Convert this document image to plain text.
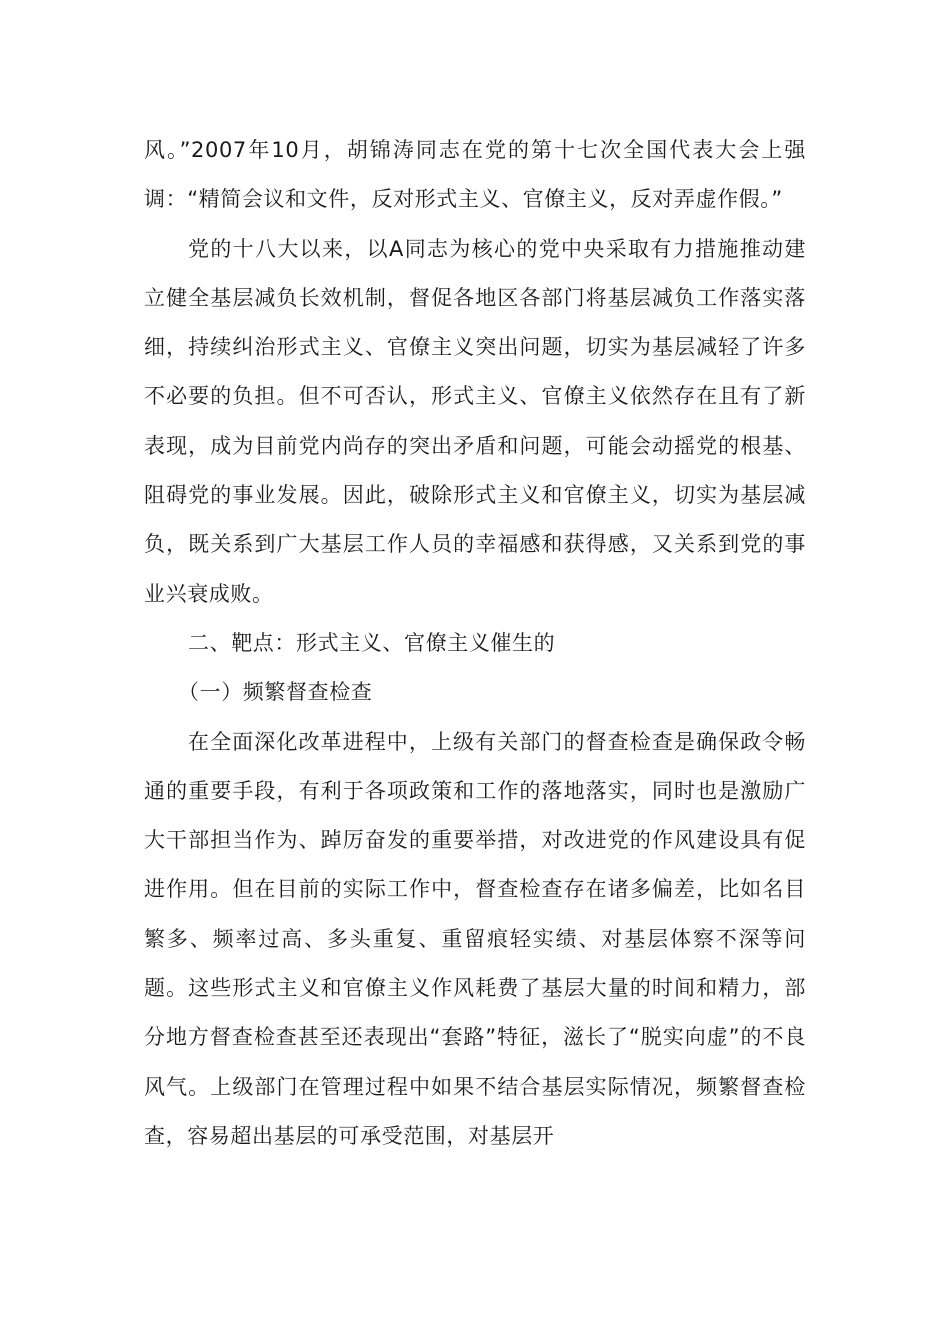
风。”2007年10月，胡锦涛同志在党的第十七次全国代表大会上强调：“精简会议和文件，反对形式主义、官僚主义，反对弄虚作假。”

党的十八大以来，以A同志为核心的党中央采取有力措施推动建立健全基层减负长效机制，督促各地区各部门将基层减负工作落实落细，持续纠治形式主义、官僚主义突出问题，切实为基层减轻了许多不必要的负担。但不可否认，形式主义、官僚主义依然存在且有了新表现，成为目前党内尚存的突出矛盾和问题，可能会动摇党的根基、阻碍党的事业发展。因此，破除形式主义和官僚主义，切实为基层减负，既关系到广大基层工作人员的幸福感和获得感，又关系到党的事业兴衰成败。

二、靶点：形式主义、官僚主义催生的

（一）频繁督查检查

在全面深化改革进程中，上级有关部门的督查检查是确保政令畅通的重要手段，有利于各项政策和工作的落地落实，同时也是激励广大干部担当作为、踔厉奋发的重要举措，对改进党的作风建设具有促进作用。但在目前的实际工作中，督查检查存在诸多偏差，比如名目繁多、频率过高、多头重复、重留痕轻实绩、对基层体察不深等问题。这些形式主义和官僚主义作风耗费了基层大量的时间和精力，部分地方督查检查甚至还表现出“套路”特征，滋长了“脱实向虚”的不良风气。上级部门在管理过程中如果不结合基层实际情况，频繁督查检查，容易超出基层的可承受范围，对基层开
